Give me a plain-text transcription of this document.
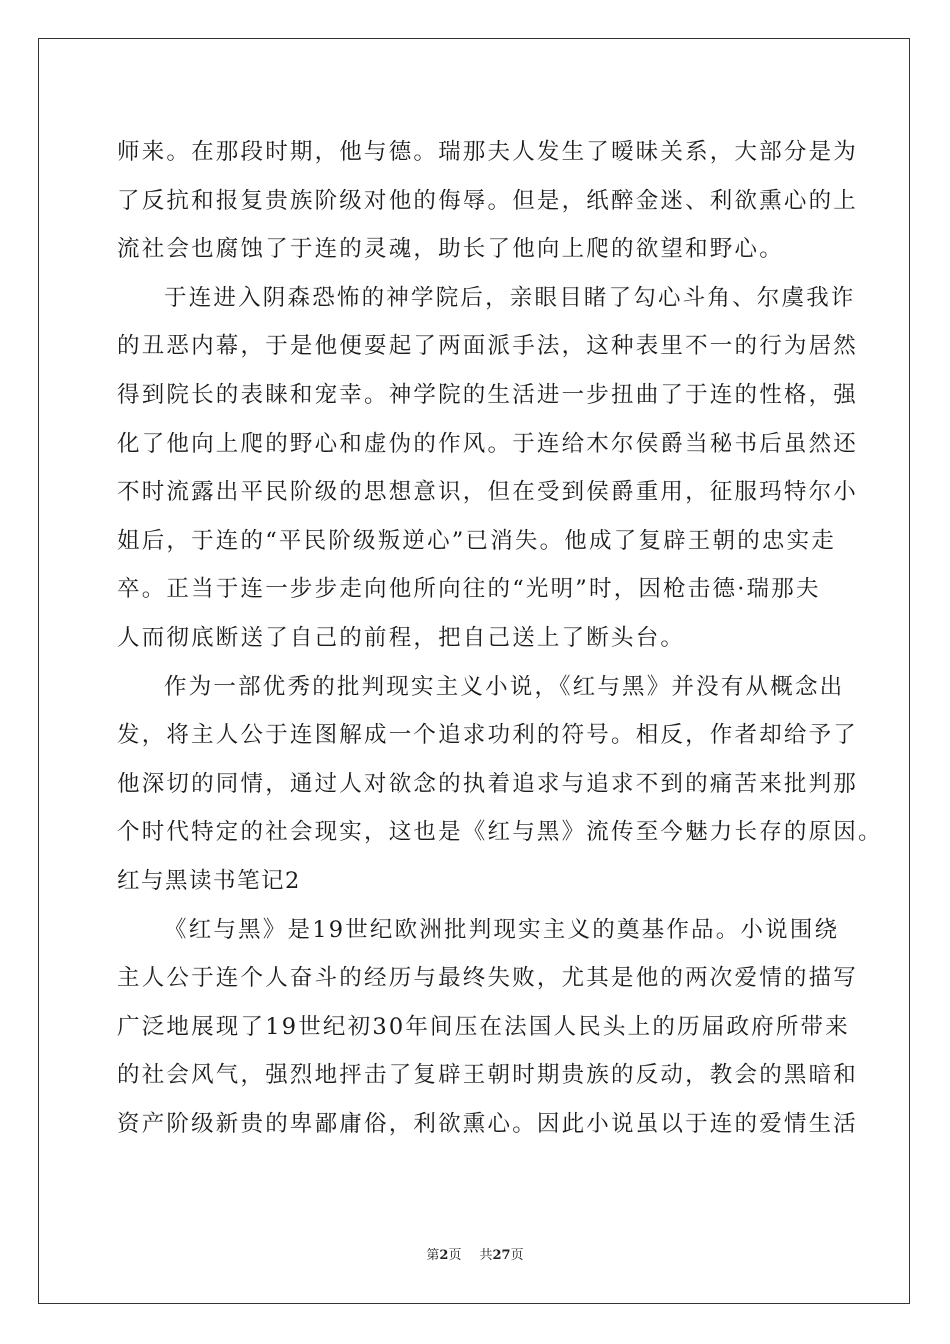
师来。在那段时期，他与德。瑞那夫人发生了暧昧关系，大部分是为
了反抗和报复贵族阶级对他的侮辱。但是，纸醉金迷、利欲熏心的上
流社会也腐蚀了于连的灵魂，助长了他向上爬的欲望和野心。
于连进入阴森恐怖的神学院后，亲眼目睹了勾心斗角、尔虞我诈
的丑恶内幕，于是他便耍起了两面派手法，这种表里不一的行为居然
得到院长的表睐和宠幸。神学院的生活进一步扭曲了于连的性格，强
化了他向上爬的野心和虚伪的作风。于连给木尔侯爵当秘书后虽然还
不时流露出平民阶级的思想意识，但在受到侯爵重用，征服玛特尔小
姐后，于连的“平民阶级叛逆心”已消失。他成了复辟王朝的忠实走
卒。正当于连一步步走向他所向往的“光明”时，因枪击德·瑞那夫
人而彻底断送了自己的前程，把自己送上了断头台。
作为一部优秀的批判现实主义小说，《红与黑》并没有从概念出
发，将主人公于连图解成一个追求功利的符号。相反，作者却给予了
他深切的同情，通过人对欲念的执着追求与追求不到的痛苦来批判那
个时代特定的社会现实，这也是《红与黑》流传至今魅力长存的原因。
红与黑读书笔记2
《红与黑》是19世纪欧洲批判现实主义的奠基作品。小说围绕
主人公于连个人奋斗的经历与最终失败，尤其是他的两次爱情的描写
广泛地展现了19世纪初30年间压在法国人民头上的历届政府所带来
的社会风气，强烈地抨击了复辟王朝时期贵族的反动，教会的黑暗和
资产阶级新贵的卑鄙庸俗，利欲熏心。因此小说虽以于连的爱情生活
第2页 共27页
